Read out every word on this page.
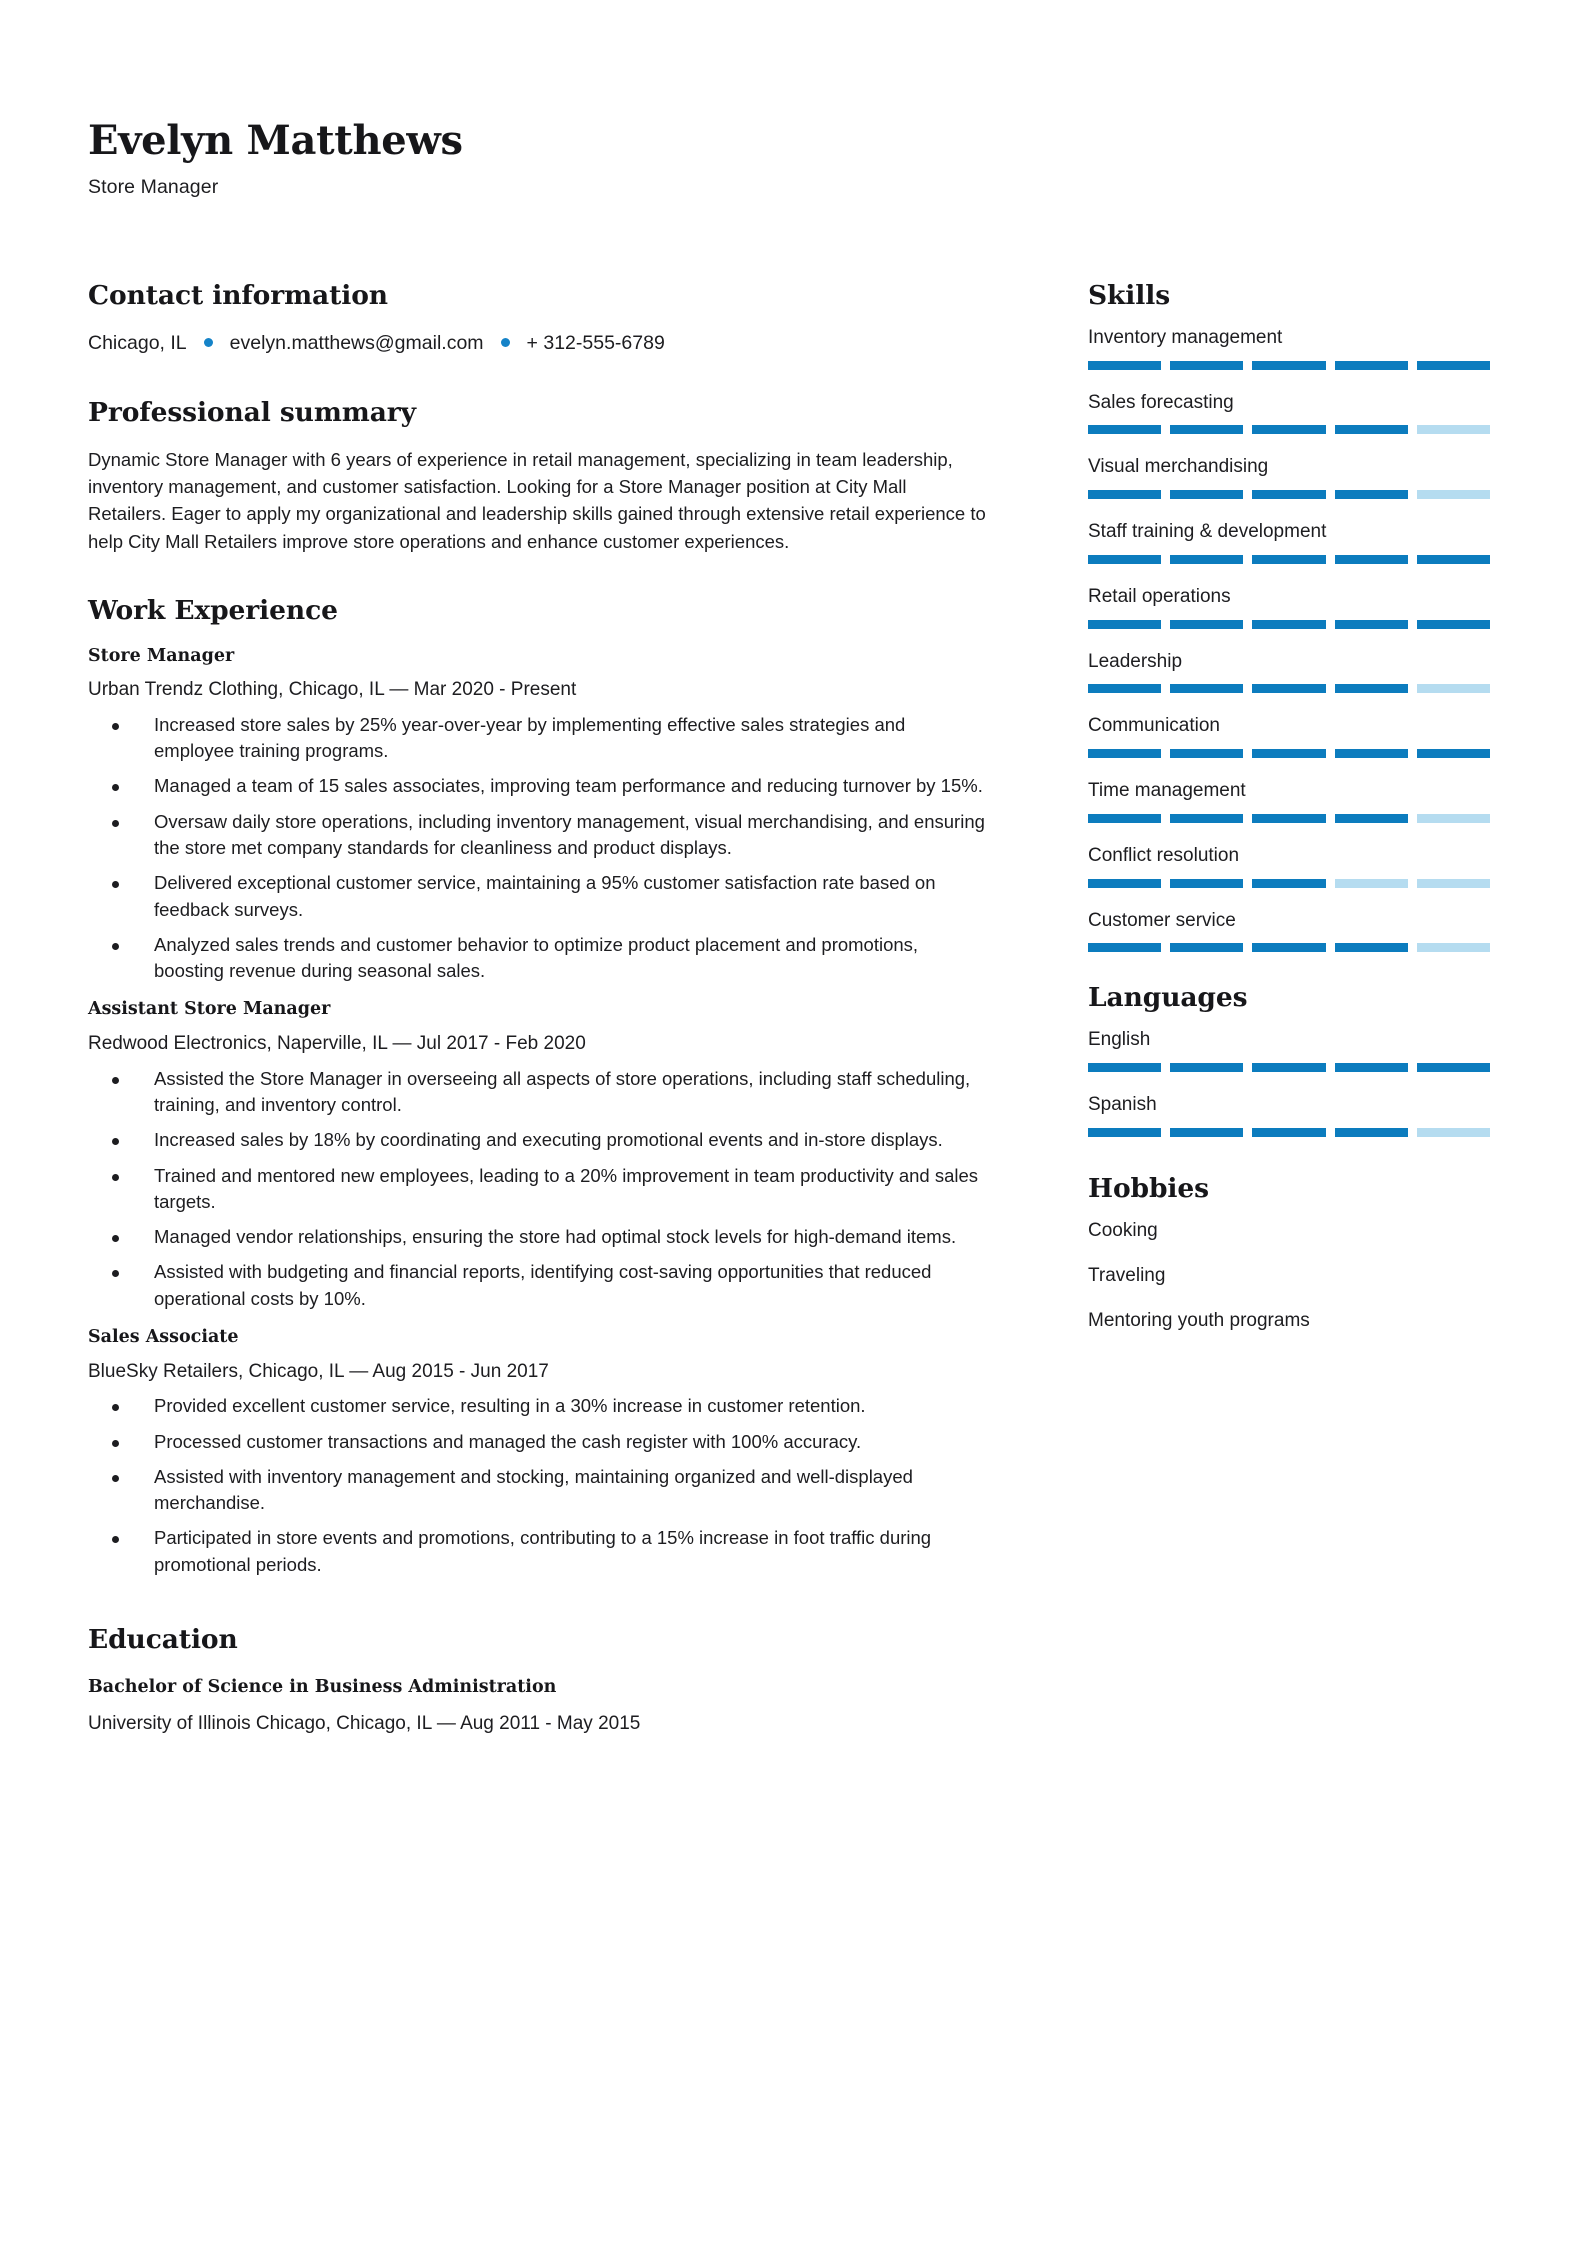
Evelyn Matthews
Store Manager
Contact information
Chicago, IL evelyn.matthews@gmail.com + 312-555-6789
Professional summary

Dynamic Store Manager with 6 years of experience in retail management, specializing in team leadership, inventory management, and customer satisfaction. Looking for a Store Manager position at City Mall Retailers. Eager to apply my organizational and leadership skills gained through extensive retail experience to help City Mall Retailers improve store operations and enhance customer experiences.

Work Experience
Store Manager
Urban Trendz Clothing, Chicago, IL — Mar 2020 - Present
Increased store sales by 25% year-over-year by implementing effective sales strategies and employee training programs.
Managed a team of 15 sales associates, improving team performance and reducing turnover by 15%.
Oversaw daily store operations, including inventory management, visual merchandising, and ensuring the store met company standards for cleanliness and product displays.
Delivered exceptional customer service, maintaining a 95% customer satisfaction rate based on feedback surveys.
Analyzed sales trends and customer behavior to optimize product placement and promotions, boosting revenue during seasonal sales.
Assistant Store Manager
Redwood Electronics, Naperville, IL — Jul 2017 - Feb 2020
Assisted the Store Manager in overseeing all aspects of store operations, including staff scheduling, training, and inventory control.
Increased sales by 18% by coordinating and executing promotional events and in-store displays.
Trained and mentored new employees, leading to a 20% improvement in team productivity and sales targets.
Managed vendor relationships, ensuring the store had optimal stock levels for high-demand items.
Assisted with budgeting and financial reports, identifying cost-saving opportunities that reduced operational costs by 10%.
Sales Associate
BlueSky Retailers, Chicago, IL — Aug 2015 - Jun 2017
Provided excellent customer service, resulting in a 30% increase in customer retention.
Processed customer transactions and managed the cash register with 100% accuracy.
Assisted with inventory management and stocking, maintaining organized and well-displayed merchandise.
Participated in store events and promotions, contributing to a 15% increase in foot traffic during promotional periods.
Education
Bachelor of Science in Business Administration
University of Illinois Chicago, Chicago, IL — Aug 2011 - May 2015
Skills
Inventory management
Sales forecasting
Visual merchandising
Staff training & development
Retail operations
Leadership
Communication
Time management
Conflict resolution
Customer service
Languages
English
Spanish
Hobbies
Cooking
Traveling
Mentoring youth programs
